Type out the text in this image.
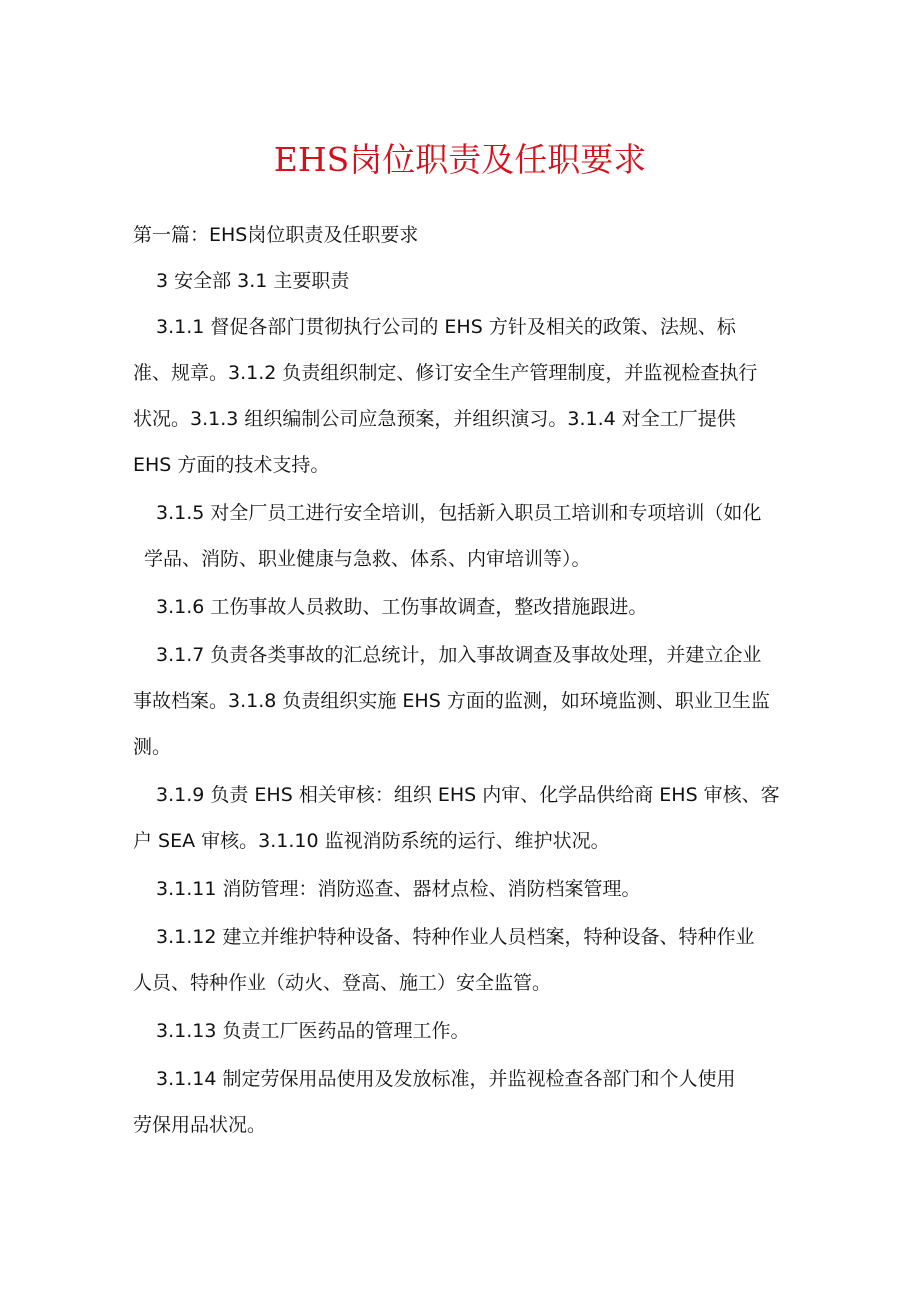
EHS岗位职责及任职要求

第一篇：EHS岗位职责及任职要求

3 安全部 3.1 主要职责

3.1.1 督促各部门贯彻执行公司的 EHS 方针及相关的政策、法规、标
准、规章。3.1.2 负责组织制定、修订安全生产管理制度，并监视检查执行
状况。3.1.3 组织编制公司应急预案，并组织演习。3.1.4 对全工厂提供
EHS 方面的技术支持。
3.1.5 对全厂员工进行安全培训，包括新入职员工培训和专项培训（如化
学品、消防、职业健康与急救、体系、内审培训等）。
3.1.6 工伤事故人员救助、工伤事故调查，整改措施跟进。
3.1.7 负责各类事故的汇总统计，加入事故调查及事故处理，并建立企业
事故档案。3.1.8 负责组织实施 EHS 方面的监测，如环境监测、职业卫生监
测。
3.1.9 负责 EHS 相关审核：组织 EHS 内审、化学品供给商 EHS 审核、客
户 SEA 审核。3.1.10 监视消防系统的运行、维护状况。
3.1.11 消防管理：消防巡查、器材点检、消防档案管理。
3.1.12 建立并维护特种设备、特种作业人员档案，特种设备、特种作业
人员、特种作业（动火、登高、施工）安全监管。
3.1.13 负责工厂医药品的管理工作。
3.1.14 制定劳保用品使用及发放标准，并监视检查各部门和个人使用
劳保用品状况。
